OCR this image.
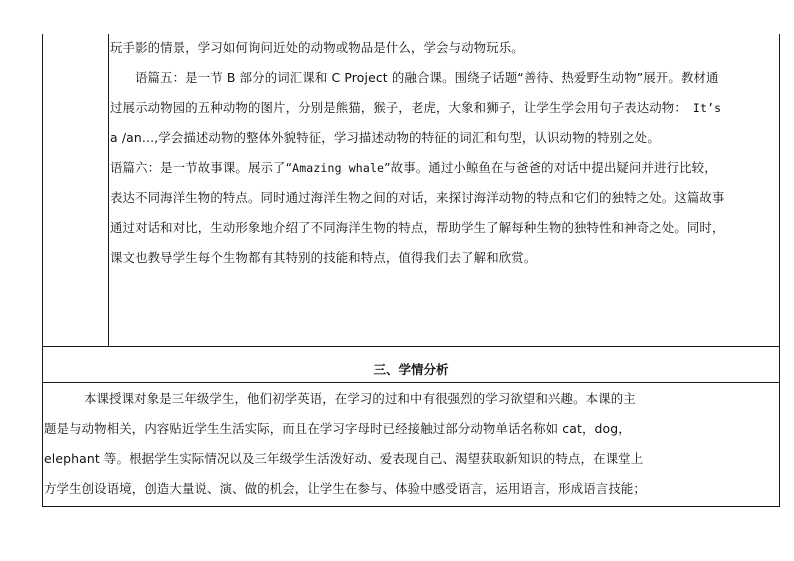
玩手影的情景，学习如何询问近处的动物或物品是什么，学会与动物玩乐。
语篇五：是一节 B 部分的词汇课和 C Project 的融合课。围绕子话题“善待、热爱野生动物”展开。教材通
过展示动物园的五种动物的图片，分别是熊猫，猴子，老虎，大象和狮子，让学生学会用句子表达动物： It’s
a /an...,学会描述动物的整体外貌特征，学习描述动物的特征的词汇和句型，认识动物的特别之处。
语篇六：是一节故事课。展示了“Amazing whale”故事。通过小鲸鱼在与爸爸的对话中提出疑问并进行比较，
表达不同海洋生物的特点。同时通过海洋生物之间的对话，来探讨海洋动物的特点和它们的独特之处。这篇故事
通过对话和对比，生动形象地介绍了不同海洋生物的特点，帮助学生了解每种生物的独特性和神奇之处。同时，
课文也教导学生每个生物都有其特别的技能和特点，值得我们去了解和欣赏。
三、学情分析
本课授课对象是三年级学生，他们初学英语，在学习的过和中有很强烈的学习欲望和兴趣。本课的主
题是与动物相关，内容贴近学生生活实际，而且在学习字母时已经接触过部分动物单话名称如 cat，dog，
elephant 等。根据学生实际情况以及三年级学生活泼好动、爱表现自己、渴望获取新知识的特点，在课堂上
方学生创设语境，创造大量说、演、做的机会，让学生在参与、体验中感受语言，运用语言，形成语言技能；
